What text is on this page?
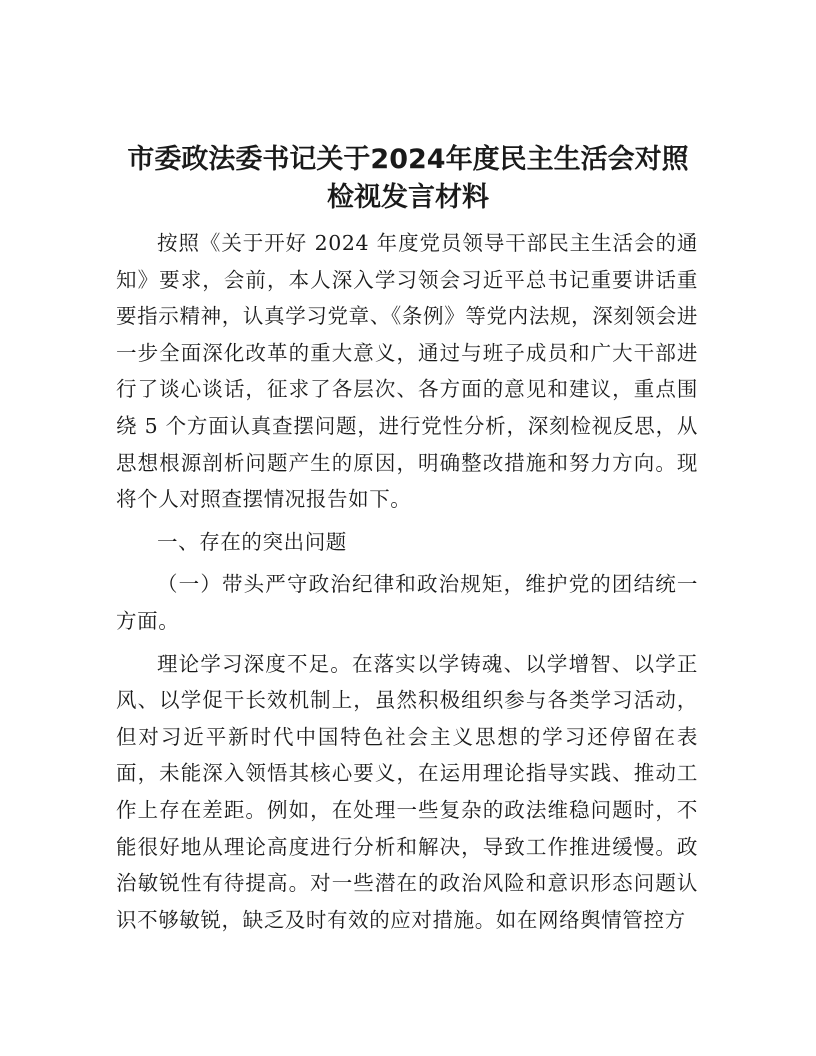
市委政法委书记关于2024年度民主生活会对照
检视发言材料

按照《关于开好 2024 年度党员领导干部民主生活会的通知》要求，会前，本人深入学习领会习近平总书记重要讲话重要指示精神，认真学习党章、《条例》等党内法规，深刻领会进一步全面深化改革的重大意义，通过与班子成员和广大干部进行了谈心谈话，征求了各层次、各方面的意见和建议，重点围绕 5 个方面认真查摆问题，进行党性分析，深刻检视反思，从思想根源剖析问题产生的原因，明确整改措施和努力方向。现将个人对照查摆情况报告如下。

一、存在的突出问题

（一）带头严守政治纪律和政治规矩，维护党的团结统一方面。

理论学习深度不足。在落实以学铸魂、以学增智、以学正风、以学促干长效机制上，虽然积极组织参与各类学习活动，但对习近平新时代中国特色社会主义思想的学习还停留在表面，未能深入领悟其核心要义，在运用理论指导实践、推动工作上存在差距。例如，在处理一些复杂的政法维稳问题时，不能很好地从理论高度进行分析和解决，导致工作推进缓慢。政治敏锐性有待提高。对一些潜在的政治风险和意识形态问题认识不够敏锐，缺乏及时有效的应对措施。如在网络舆情管控方
